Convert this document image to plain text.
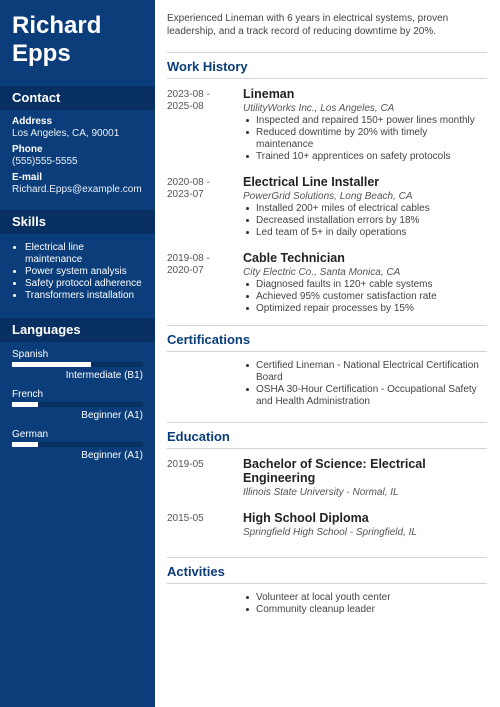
Richard
Epps
Contact
Address
Los Angeles, CA, 90001
Phone
(555)555-5555
E-mail
Richard.Epps@example.com
Skills
Electrical line maintenance
Power system analysis
Safety protocol adherence
Transformers installation
Languages
Spanish
Intermediate (B1)
French
Beginner (A1)
German
Beginner (A1)
Experienced Lineman with 6 years in electrical systems, proven leadership, and a track record of reducing downtime by 20%.
Work History
2023-08 - 2025-08
Lineman
UtilityWorks Inc., Los Angeles, CA
Inspected and repaired 150+ power lines monthly
Reduced downtime by 20% with timely maintenance
Trained 10+ apprentices on safety protocols
2020-08 - 2023-07
Electrical Line Installer
PowerGrid Solutions, Long Beach, CA
Installed 200+ miles of electrical cables
Decreased installation errors by 18%
Led team of 5+ in daily operations
2019-08 - 2020-07
Cable Technician
City Electric Co., Santa Monica, CA
Diagnosed faults in 120+ cable systems
Achieved 95% customer satisfaction rate
Optimized repair processes by 15%
Certifications
Certified Lineman - National Electrical Certification Board
OSHA 30-Hour Certification - Occupational Safety and Health Administration
Education
2019-05	Bachelor of Science: Electrical Engineering
Illinois State University - Normal, IL
2015-05	High School Diploma
Springfield High School - Springfield, IL
Activities
Volunteer at local youth center
Community cleanup leader
